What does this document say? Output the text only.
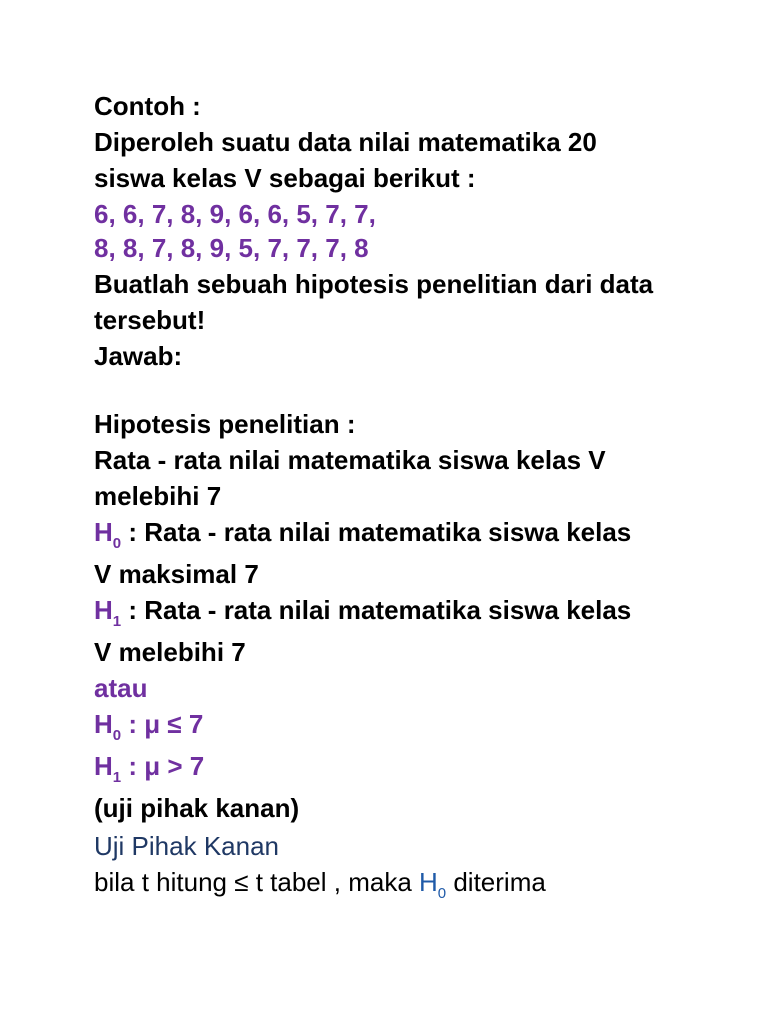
Contoh :
Diperoleh suatu data nilai matematika 20
siswa kelas V sebagai berikut :
6, 6, 7, 8, 9, 6, 6, 5, 7, 7,
8, 8, 7, 8, 9, 5, 7, 7, 7, 8
Buatlah sebuah hipotesis penelitian dari data
tersebut!
Jawab:
Hipotesis penelitian :
Rata - rata nilai matematika siswa kelas V
melebihi 7
$H_0$ : Rata - rata nilai matematika siswa kelas
V maksimal 7
$H_1$ : Rata - rata nilai matematika siswa kelas
V melebihi 7
atau
$H_0$ : μ ≤ 7
$H_1$ : μ > 7
(uji pihak kanan)
Uji Pihak Kanan
bila t hitung ≤ t tabel , maka $H_0$ diterima
